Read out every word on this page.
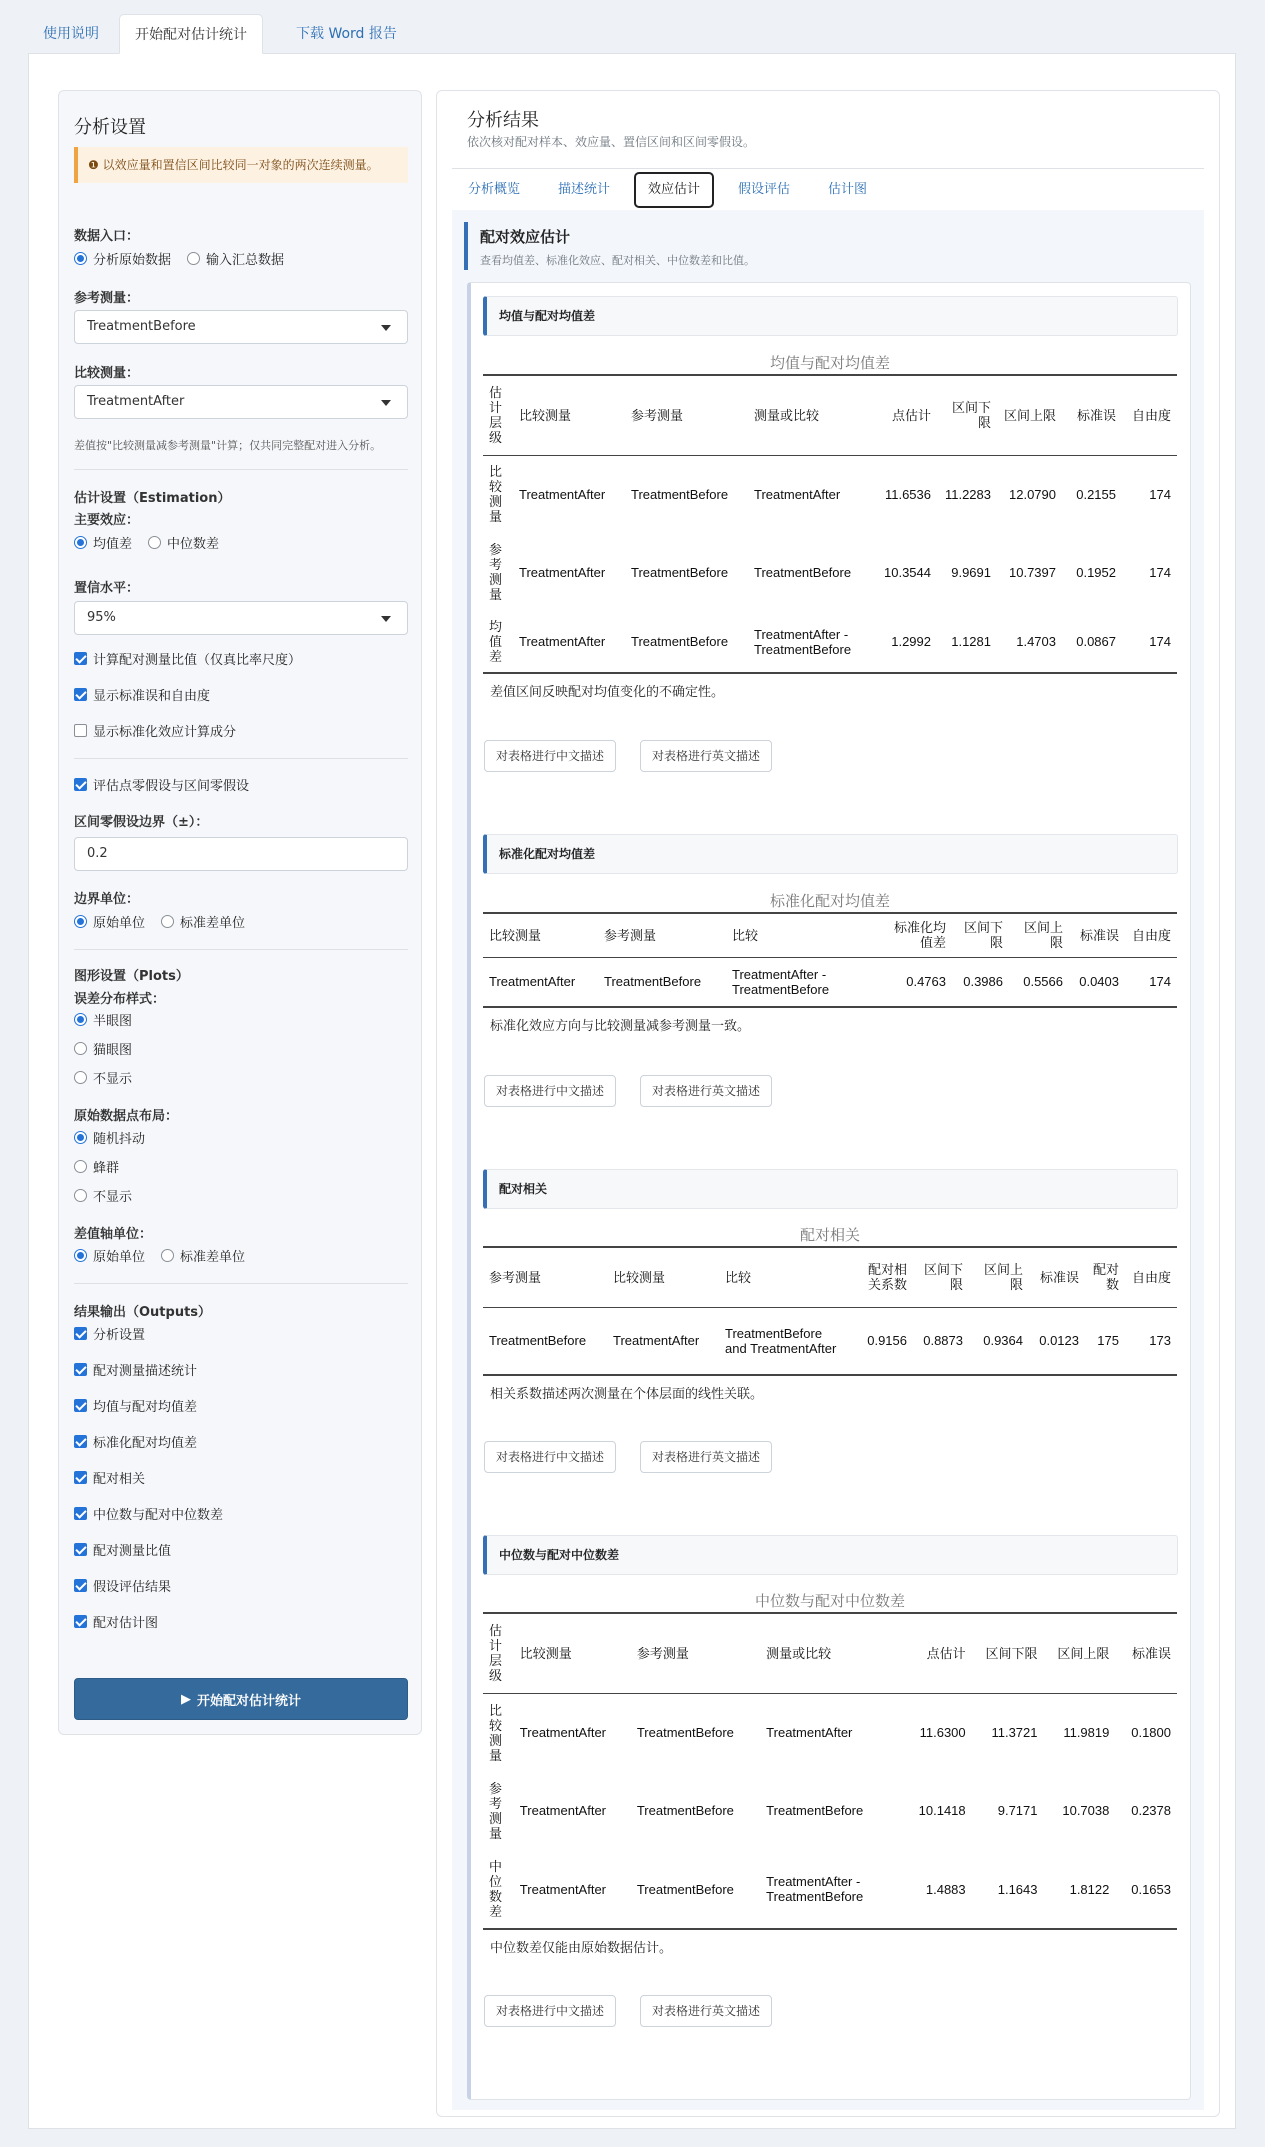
使用说明	开始配对估计统计	下载 Word 报告
分析设置
❶ 以效应量和置信区间比较同一对象的两次连续测量。
数据入口：
分析原始数据	输入汇总数据
参考测量：
TreatmentBefore
比较测量：
TreatmentAfter
差值按"比较测量减参考测量"计算；仅共同完整配对进入分析。
估计设置（Estimation）
主要效应：
均值差	中位数差
置信水平：
95%
计算配对测量比值（仅真比率尺度）
显示标准误和自由度
显示标准化效应计算成分
评估点零假设与区间零假设
区间零假设边界（±）：
0.2
边界单位：
原始单位	标准差单位
图形设置（Plots）
误差分布样式：
半眼图
猫眼图
不显示
原始数据点布局：
随机抖动
蜂群
不显示
差值轴单位：
原始单位	标准差单位
结果输出（Outputs）
分析设置
配对测量描述统计
均值与配对均值差
标准化配对均值差
配对相关
中位数与配对中位数差
配对测量比值
假设评估结果
配对估计图
▶ 开始配对估计统计
分析结果
依次核对配对样本、效应量、置信区间和区间零假设。
分析概览	描述统计	效应估计	假设评估	估计图
配对效应估计
查看均值差、标准化效应、配对相关、中位数差和比值。
均值与配对均值差
均值与配对均值差
估计层级	比较测量	参考测量	测量或比较	点估计	区间下限	区间上限	标准误	自由度
比较测量	TreatmentAfter	TreatmentBefore	TreatmentAfter	11.6536	11.2283	12.0790	0.2155	174
参考测量	TreatmentAfter	TreatmentBefore	TreatmentBefore	10.3544	9.9691	10.7397	0.1952	174
均值差	TreatmentAfter	TreatmentBefore	TreatmentAfter - TreatmentBefore	1.2992	1.1281	1.4703	0.0867	174
差值区间反映配对均值变化的不确定性。
对表格进行中文描述	对表格进行英文描述
标准化配对均值差
标准化配对均值差
比较测量	参考测量	比较	标准化均值差	区间下限	区间上限	标准误	自由度
TreatmentAfter	TreatmentBefore	TreatmentAfter - TreatmentBefore	0.4763	0.3986	0.5566	0.0403	174
标准化效应方向与比较测量减参考测量一致。
对表格进行中文描述	对表格进行英文描述
配对相关
配对相关
参考测量	比较测量	比较	配对相关系数	区间下限	区间上限	标准误	配对数	自由度
TreatmentBefore	TreatmentAfter	TreatmentBefore and TreatmentAfter	0.9156	0.8873	0.9364	0.0123	175	173
相关系数描述两次测量在个体层面的线性关联。
对表格进行中文描述	对表格进行英文描述
中位数与配对中位数差
中位数与配对中位数差
估计层级	比较测量	参考测量	测量或比较	点估计	区间下限	区间上限	标准误
比较测量	TreatmentAfter	TreatmentBefore	TreatmentAfter	11.6300	11.3721	11.9819	0.1800
参考测量	TreatmentAfter	TreatmentBefore	TreatmentBefore	10.1418	9.7171	10.7038	0.2378
中位数差	TreatmentAfter	TreatmentBefore	TreatmentAfter - TreatmentBefore	1.4883	1.1643	1.8122	0.1653
中位数差仅能由原始数据估计。
对表格进行中文描述	对表格进行英文描述
